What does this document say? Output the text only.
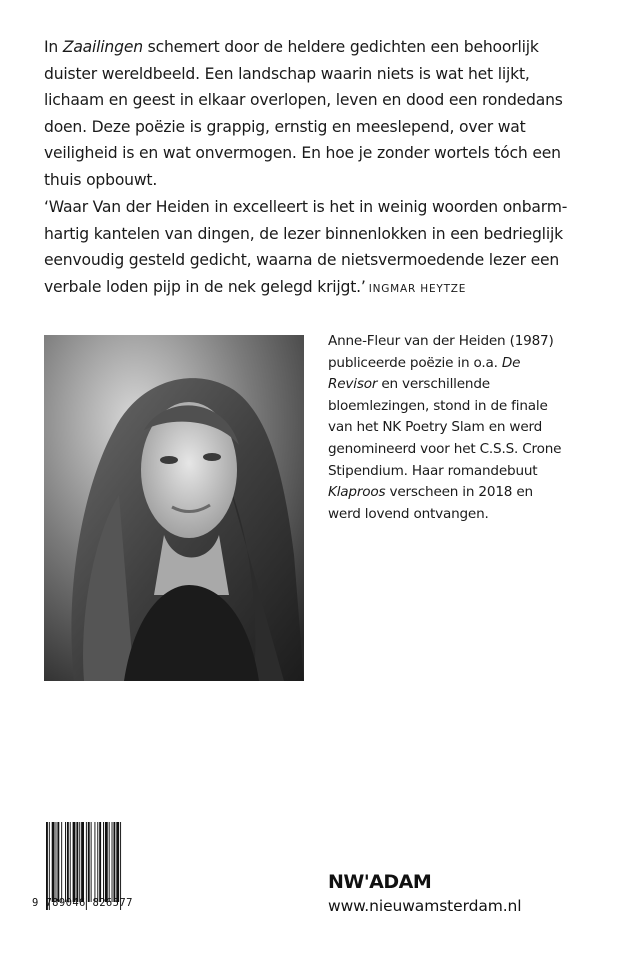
In Zaailingen schemert door de heldere gedichten een behoorlijk duister wereldbeeld. Een landschap waarin niets is wat het lijkt, lichaam en geest in elkaar overlopen, leven en dood een rondedans doen. Deze poëzie is grappig, ernstig en meeslepend, over wat veiligheid is en wat onvermogen. En hoe je zonder wortels tóch een thuis opbouwt.

‘Waar Van der Heiden in excelleert is het in weinig woorden onbarm-hartig kantelen van dingen, de lezer binnenlokken in een bedrieglijk eenvoudig gesteld gedicht, waarna de nietsvermoedende lezer een verbale loden pijp in de nek gelegd krijgt.’ INGMAR HEYTZE

Anne-Fleur van der Heiden (1987) publiceerde poëzie in o.a. De Revisor en verschillende bloemlezingen, stond in de finale van het NK Poetry Slam en werd genomineerd voor het C.S.S. Crone Stipendium. Haar romandebuut Klaproos verscheen in 2018 en werd lovend ontvangen.

9 789046 826577
NW'ADAM
www.nieuwamsterdam.nl
